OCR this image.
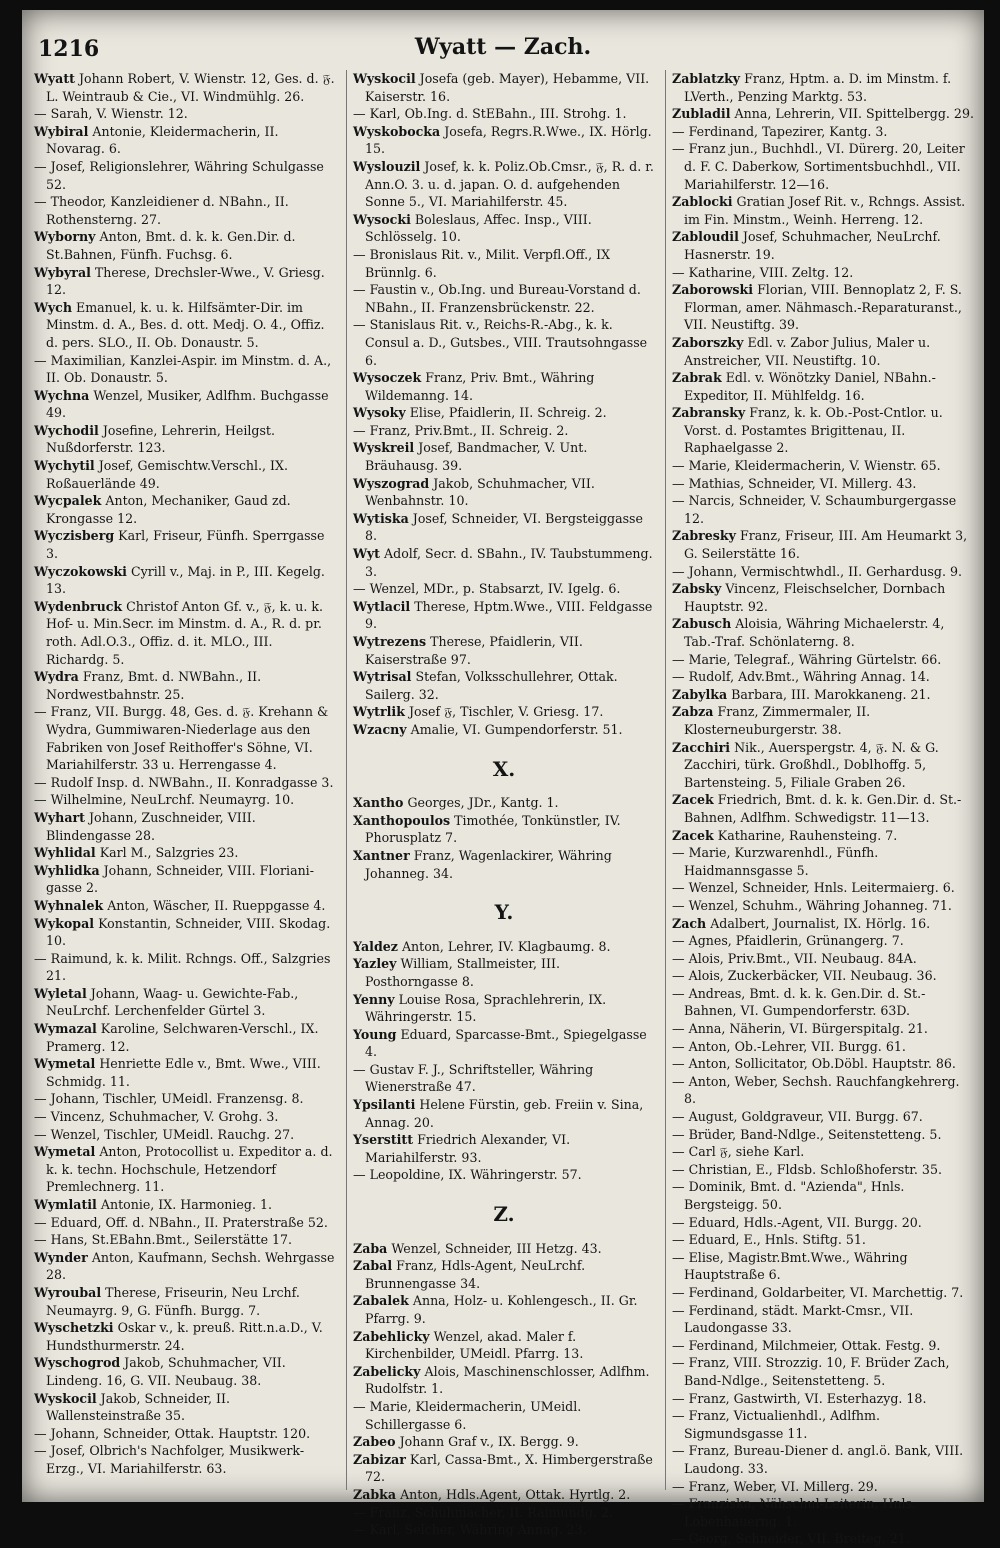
1216	Wyatt — Zach.

Wyatt Johann Robert, V. Wienstr. 12, Ges. d. 𝔉. L. Weintraub & Cie., VI. Windmühlg. 26.

— Sarah, V. Wienstr. 12.

Wybiral Antonie, Kleidermacherin, II. Novarag. 6.

— Josef, Religionslehrer, Währing Schulgasse 52.

— Theodor, Kanzleidiener d. NBahn., II. Rothensterng. 27.

Wyborny Anton, Bmt. d. k. k. Gen.Dir. d. St.Bahnen, Fünfh. Fuchsg. 6.

Wybyral Therese, Drechsler-Wwe., V. Griesg. 12.

Wych Emanuel, k. u. k. Hilfsämter-Dir. im Minstm. d. A., Bes. d. ott. Medj. O. 4., Offiz. d. pers. SLO., II. Ob. Donaustr. 5.

— Maximilian, Kanzlei-Aspir. im Minstm. d. A., II. Ob. Donaustr. 5.

Wychna Wenzel, Musiker, Adlfhm. Buchgasse 49.

Wychodil Josefine, Lehrerin, Heilgst. Nußdorferstr. 123.

Wychytil Josef, Gemischtw.Verschl., IX. Roßauerlände 49.

Wycpalek Anton, Mechaniker, Gaud zd. Krongasse 12.

Wyczisberg Karl, Friseur, Fünfh. Sperrgasse 3.

Wyczokowski Cyrill v., Maj. in P., III. Kegelg. 13.

Wydenbruck Christof Anton Gf. v., 𝔉, k. u. k. Hof- u. Min.Secr. im Minstm. d. A., R. d. pr. roth. Adl.O.3., Offiz. d. it. MLO., III. Richardg. 5.

Wydra Franz, Bmt. d. NWBahn., II. Nordwestbahnstr. 25.

— Franz, VII. Burgg. 48, Ges. d. 𝔉. Krehann & Wydra, Gummiwaren-Niederlage aus den Fabriken von Josef Reithoffer's Söhne, VI. Mariahilferstr. 33 u. Herrengasse 4.

— Rudolf Insp. d. NWBahn., II. Konradgasse 3.

— Wilhelmine, NeuLrchf. Neumayrg. 10.

Wyhart Johann, Zuschneider, VIII. Blindengasse 28.

Wyhlidal Karl M., Salzgries 23.

Wyhlidka Johann, Schneider, VIII. Floriani-gasse 2.

Wyhnalek Anton, Wäscher, II. Rueppgasse 4.

Wykopal Konstantin, Schneider, VIII. Skodag. 10.

— Raimund, k. k. Milit. Rchngs. Off., Salzgries 21.

Wyletal Johann, Waag- u. Gewichte-Fab., NeuLrchf. Lerchenfelder Gürtel 3.

Wymazal Karoline, Selchwaren-Verschl., IX. Pramerg. 12.

Wymetal Henriette Edle v., Bmt. Wwe., VIII. Schmidg. 11.

— Johann, Tischler, UMeidl. Franzensg. 8.

— Vincenz, Schuhmacher, V. Grohg. 3.

— Wenzel, Tischler, UMeidl. Rauchg. 27.

Wymetal Anton, Protocollist u. Expeditor a. d. k. k. techn. Hochschule, Hetzendorf Premlechnerg. 11.

Wymlatil Antonie, IX. Harmonieg. 1.

— Eduard, Off. d. NBahn., II. Praterstraße 52.

— Hans, St.EBahn.Bmt., Seilerstätte 17.

Wynder Anton, Kaufmann, Sechsh. Wehrgasse 28.

Wyroubal Therese, Friseurin, Neu Lrchf. Neumayrg. 9, G. Fünfh. Burgg. 7.

Wyschetzki Oskar v., k. preuß. Ritt.n.a.D., V. Hundsthurmerstr. 24.

Wyschogrod Jakob, Schuhmacher, VII. Lindeng. 16, G. VII. Neubaug. 38.

Wyskocil Jakob, Schneider, II. Wallensteinstraße 35.

— Johann, Schneider, Ottak. Hauptstr. 120.

— Josef, Olbrich's Nachfolger, Musikwerk-Erzg., VI. Mariahilferstr. 63.

Wyskocil Josefa (geb. Mayer), Hebamme, VII. Kaiserstr. 16.

— Karl, Ob.Ing. d. StEBahn., III. Strohg. 1.

Wyskobocka Josefa, Regrs.R.Wwe., IX. Hörlg. 15.

Wyslouzil Josef, k. k. Poliz.Ob.Cmsr., 𝔉, R. d. r. Ann.O. 3. u. d. japan. O. d. aufgehenden Sonne 5., VI. Mariahilferstr. 45.

Wysocki Boleslaus, Affec. Insp., VIII. Schlösselg. 10.

— Bronislaus Rit. v., Milit. Verpfl.Off., IX Brünnlg. 6.

— Faustin v., Ob.Ing. und Bureau-Vorstand d. NBahn., II. Franzensbrückenstr. 22.

— Stanislaus Rit. v., Reichs-R.-Abg., k. k. Consul a. D., Gutsbes., VIII. Trautsohngasse 6.

Wysoczek Franz, Priv. Bmt., Währing Wildemanng. 14.

Wysoky Elise, Pfaidlerin, II. Schreig. 2.

— Franz, Priv.Bmt., II. Schreig. 2.

Wyskreil Josef, Bandmacher, V. Unt. Bräuhausg. 39.

Wyszograd Jakob, Schuhmacher, VII. Wenbahnstr. 10.

Wytiska Josef, Schneider, VI. Bergsteiggasse 8.

Wyt Adolf, Secr. d. SBahn., IV. Taubstummeng. 3.

— Wenzel, MDr., p. Stabsarzt, IV. Igelg. 6.

Wytlacil Therese, Hptm.Wwe., VIII. Feldgasse 9.

Wytrezens Therese, Pfaidlerin, VII. Kaiserstraße 97.

Wytrisal Stefan, Volksschullehrer, Ottak. Sailerg. 32.

Wytrlik Josef 𝔉, Tischler, V. Griesg. 17.

Wzacny Amalie, VI. Gumpendorferstr. 51.

X.

Xantho Georges, JDr., Kantg. 1.

Xanthopoulos Timothée, Tonkünstler, IV. Phorusplatz 7.

Xantner Franz, Wagenlackirer, Währing Johanneg. 34.

Y.

Yaldez Anton, Lehrer, IV. Klagbaumg. 8.

Yazley William, Stallmeister, III. Posthorngasse 8.

Yenny Louise Rosa, Sprachlehrerin, IX. Währingerstr. 15.

Young Eduard, Sparcasse-Bmt., Spiegelgasse 4.

— Gustav F. J., Schriftsteller, Währing Wienerstraße 47.

Ypsilanti Helene Fürstin, geb. Freiin v. Sina, Annag. 20.

Yserstitt Friedrich Alexander, VI. Mariahilferstr. 93.

— Leopoldine, IX. Währingerstr. 57.

Z.

Zaba Wenzel, Schneider, III Hetzg. 43.

Zabal Franz, Hdls-Agent, NeuLrchf. Brunnengasse 34.

Zabalek Anna, Holz- u. Kohlengesch., II. Gr. Pfarrg. 9.

Zabehlicky Wenzel, akad. Maler f. Kirchenbilder, UMeidl. Pfarrg. 13.

Zabelicky Alois, Maschinenschlosser, Adlfhm. Rudolfstr. 1.

— Marie, Kleidermacherin, UMeidl. Schillergasse 6.

Zabeo Johann Graf v., IX. Bergg. 9.

Zabizar Karl, Cassa-Bmt., X. Himbergerstraße 72.

Zabka Anton, Hdls.Agent, Ottak. Hyrtlg. 2.

— Franz, Schuhmacher, II. Raimundg. 2.

— Karl, Selcher, Währing Annag. 23.

Zablatzky Franz, Hptm. a. D. im Minstm. f. LVerth., Penzing Marktg. 53.

Zubladil Anna, Lehrerin, VII. Spittelbergg. 29.

— Ferdinand, Tapezirer, Kantg. 3.

— Franz jun., Buchhdl., VI. Dürerg. 20, Leiter d. F. C. Daberkow, Sortimentsbuchhdl., VII. Mariahilferstr. 12—16.

Zablocki Gratian Josef Rit. v., Rchngs. Assist. im Fin. Minstm., Weinh. Herreng. 12.

Zabloudil Josef, Schuhmacher, NeuLrchf. Hasnerstr. 19.

— Katharine, VIII. Zeltg. 12.

Zaborowski Florian, VIII. Bennoplatz 2, F. S. Florman, amer. Nähmasch.-Reparaturanst., VII. Neustiftg. 39.

Zaborszky Edl. v. Zabor Julius, Maler u. Anstreicher, VII. Neustiftg. 10.

Zabrak Edl. v. Wönötzky Daniel, NBahn.-Expeditor, II. Mühlfeldg. 16.

Zabransky Franz, k. k. Ob.-Post-Cntlor. u. Vorst. d. Postamtes Brigittenau, II. Raphaelgasse 2.

— Marie, Kleidermacherin, V. Wienstr. 65.

— Mathias, Schneider, VI. Millerg. 43.

— Narcis, Schneider, V. Schaumburgergasse 12.

Zabresky Franz, Friseur, III. Am Heumarkt 3, G. Seilerstätte 16.

— Johann, Vermischtwhdl., II. Gerhardusg. 9.

Zabsky Vincenz, Fleischselcher, Dornbach Hauptstr. 92.

Zabusch Aloisia, Währing Michaelerstr. 4, Tab.-Traf. Schönlaterng. 8.

— Marie, Telegraf., Währing Gürtelstr. 66.

— Rudolf, Adv.Bmt., Währing Annag. 14.

Zabylka Barbara, III. Marokkaneng. 21.

Zabza Franz, Zimmermaler, II. Klosterneuburgerstr. 38.

Zacchiri Nik., Auerspergstr. 4, 𝔉. N. & G. Zacchiri, türk. Großhdl., Doblhoffg. 5, Bartensteing. 5, Filiale Graben 26.

Zacek Friedrich, Bmt. d. k. k. Gen.Dir. d. St.-Bahnen, Adlfhm. Schwedigstr. 11—13.

Zacek Katharine, Rauhensteing. 7.

— Marie, Kurzwarenhdl., Fünfh. Haidmannsgasse 5.

— Wenzel, Schneider, Hnls. Leitermaierg. 6.

— Wenzel, Schuhm., Währing Johanneg. 71.

Zach Adalbert, Journalist, IX. Hörlg. 16.

— Agnes, Pfaidlerin, Grünangerg. 7.

— Alois, Priv.Bmt., VII. Neubaug. 84A.

— Alois, Zuckerbäcker, VII. Neubaug. 36.

— Andreas, Bmt. d. k. k. Gen.Dir. d. St.-Bahnen, VI. Gumpendorferstr. 63D.

— Anna, Näherin, VI. Bürgerspitalg. 21.

— Anton, Ob.-Lehrer, VII. Burgg. 61.

— Anton, Sollicitator, Ob.Döbl. Hauptstr. 86.

— Anton, Weber, Sechsh. Rauchfangkehrerg. 8.

— August, Goldgraveur, VII. Burgg. 67.

— Brüder, Band-Ndlge., Seitenstetteng. 5.

— Carl 𝔉, siehe Karl.

— Christian, E., Fldsb. Schloßhoferstr. 35.

— Dominik, Bmt. d. "Azienda", Hnls. Bergsteigg. 50.

— Eduard, Hdls.-Agent, VII. Burgg. 20.

— Eduard, E., Hnls. Stiftg. 51.

— Elise, Magistr.Bmt.Wwe., Währing Hauptstraße 6.

— Ferdinand, Goldarbeiter, VI. Marchettig. 7.

— Ferdinand, städt. Markt-Cmsr., VII. Laudongasse 33.

— Ferdinand, Milchmeier, Ottak. Festg. 9.

— Franz, VIII. Strozzig. 10, F. Brüder Zach, Band-Ndlge., Seitenstetteng. 5.

— Franz, Gastwirth, VI. Esterhazyg. 18.

— Franz, Victualienhdl., Adlfhm. Sigmundsgasse 11.

— Franz, Bureau-Diener d. angl.ö. Bank, VIII. Laudong. 33.

— Franz, Weber, VI. Millerg. 29.

— Franziska, Nähschul-Leiterin, Hnls. Lobenhauerng. 1.

— Georg, Schneider, VII. Breiteg. 21.
